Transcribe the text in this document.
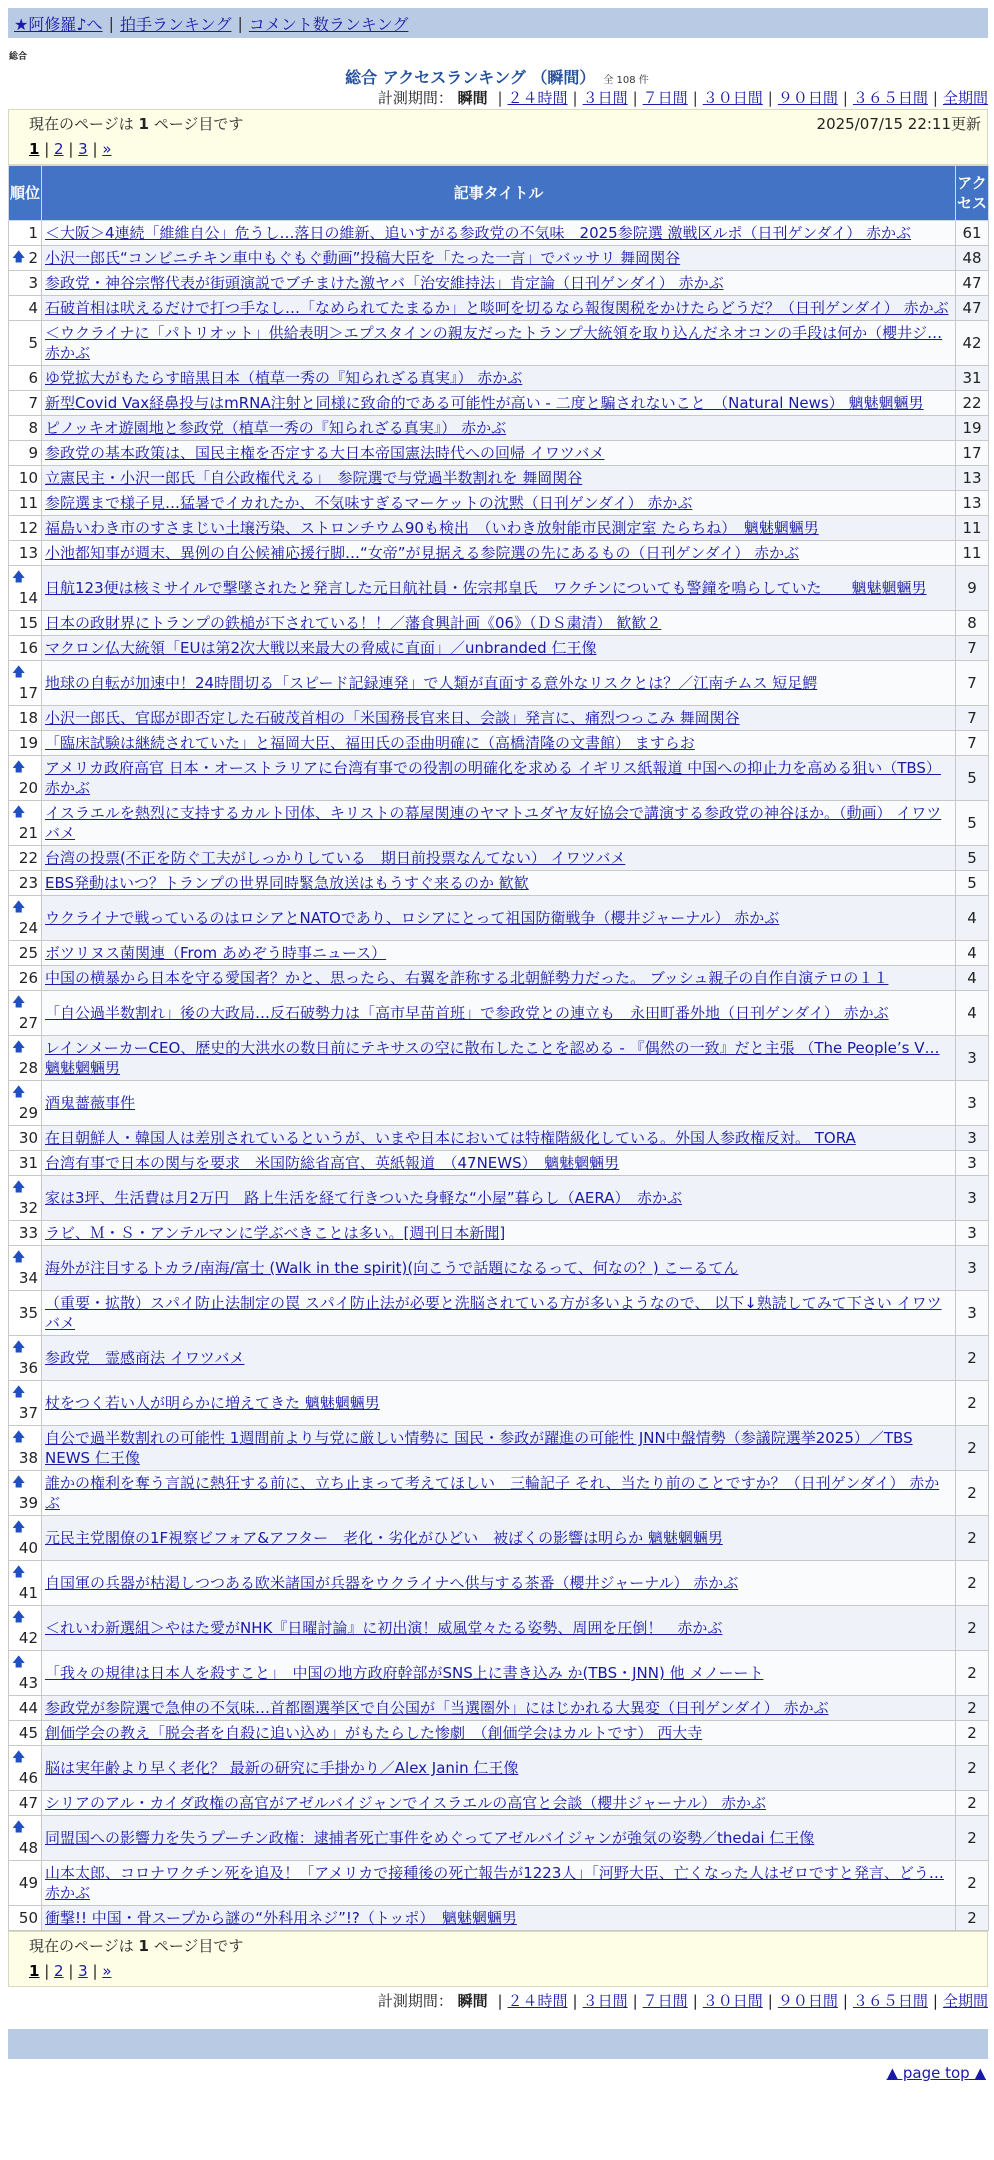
★阿修羅♪へ | 拍手ランキング | コメント数ランキング
総合
総合 アクセスランキング （瞬間） 全 108 件
計測期間： 瞬間 | ２４時間 | ３日間 | ７日間 | ３０日間 | ９０日間 | ３６５日間 | 全期間
現在のページは 1 ページ目です	2025/07/15 22:11更新
1 | 2 | 3 | »
順位	記事タイトル	アクセス
1	＜大阪＞4連続「維維自公」危うし…落日の維新、追いすがる参政党の不気味　2025参院選 激戦区ルポ（日刊ゲンダイ） 赤かぶ	61

🡅 2	小沢一郎氏“コンビニチキン車中もぐもぐ動画”投稿大臣を「たった一言」でバッサリ 舞岡関谷	48
3	参政党・神谷宗幣代表が街頭演説でブチまけた激ヤバ「治安維持法」肯定論（日刊ゲンダイ） 赤かぶ	47
4	石破首相は吠えるだけで打つ手なし…「なめられてたまるか」と啖呵を切るなら報復関税をかけたらどうだ？（日刊ゲンダイ） 赤かぶ	47
5	＜ウクライナに「パトリオット」供給表明＞エプスタインの親友だったトランプ大統領を取り込んだネオコンの手段は何か（櫻井ジ… 赤かぶ	42
6	ゆ党拡大がもたらす暗黒日本（植草一秀の『知られざる真実』） 赤かぶ	31
7	新型Covid Vax経鼻投与はmRNA注射と同様に致命的である可能性が高い - 二度と騙されないこと　（Natural News） 魑魅魍魎男	22
8	ピノッキオ遊園地と参政党（植草一秀の『知られざる真実』） 赤かぶ	19
9	参政党の基本政策は、国民主権を否定する大日本帝国憲法時代への回帰 イワツバメ	17
10	立憲民主・小沢一郎氏「自公政権代える」　参院選で与党過半数割れを 舞岡関谷	13
11	参院選まで様子見…猛暑でイカれたか、不気味すぎるマーケットの沈黙（日刊ゲンダイ） 赤かぶ	13
12	福島いわき市のすさまじい土壌汚染、ストロンチウム90も検出　（いわき放射能市民測定室 たらちね）　魑魅魍魎男	11
13	小池都知事が週末、異例の自公候補応援行脚…“女帝”が見据える参院選の先にあるもの（日刊ゲンダイ） 赤かぶ	11

🡅
14	日航123便は核ミサイルで撃墜されたと発言した元日航社員・佐宗邦皇氏　ワクチンについても警鐘を鳴らしていた　　魑魅魍魎男	9
15	日本の政財界にトランプの鉄槌が下されている！！／藩食興計画《06》（ＤＳ粛清） 歓歓２	8
16	マクロン仏大統領「EUは第2次大戦以来最大の脅威に直面」／unbranded 仁王像	7

🡅
17	地球の自転が加速中！24時間切る「スピード記録連発」で人類が直面する意外なリスクとは？／江南チムス 短足鰐	7
18	小沢一郎氏、官邸が即否定した石破茂首相の「米国務長官来日、会談」発言に、痛烈つっこみ 舞岡関谷	7
19	「臨床試験は継続されていた」と福岡大臣、福田氏の歪曲明確に（高橋清隆の文書館） ますらお	7

🡅
20	アメリカ政府高官 日本・オーストラリアに台湾有事での役割の明確化を求める イギリス紙報道 中国への抑止力を高める狙い（TBS） 赤かぶ	5

🡅
21	イスラエルを熱烈に支持するカルト団体、キリストの幕屋関連のヤマトユダヤ友好協会で講演する参政党の神谷ほか。（動画） イワツバメ	5
22	台湾の投票(不正を防ぐ工夫がしっかりしている　期日前投票なんてない） イワツバメ	5
23	EBS発動はいつ？トランプの世界同時緊急放送はもうすぐ来るのか 歓歓	5

🡅
24	ウクライナで戦っているのはロシアとNATOであり、ロシアにとって祖国防衛戦争（櫻井ジャーナル） 赤かぶ	4
25	ボツリヌス菌関連（From あめぞう時事ニュース）	4
26	中国の横暴から日本を守る愛国者？かと、思ったら、右翼を詐称する北朝鮮勢力だった。 ブッシュ親子の自作自演テロの１１	4

🡅
27	「自公過半数割れ」後の大政局…反石破勢力は「高市早苗首班」で参政党との連立も　永田町番外地（日刊ゲンダイ） 赤かぶ	4

🡅
28	レインメーカーCEO、歴史的大洪水の数日前にテキサスの空に散布したことを認める - 『偶然の一致』だと主張 （The People’s V… 魑魅魍魎男	3

🡅
29	酒鬼薔薇事件	3
30	在日朝鮮人・韓国人は差別されているというが、いまや日本においては特権階級化している。外国人参政権反対。 TORA	3
31	台湾有事で日本の関与を要求　米国防総省高官、英紙報道　（47NEWS）　魑魅魍魎男	3

🡅
32	家は3坪、生活費は月2万円　路上生活を経て行きついた身軽な“小屋”暮らし（AERA）　赤かぶ	3
33	ラビ、Ｍ・Ｓ・アンテルマンに学ぶべきことは多い。[週刊日本新聞]	3

🡅
34	海外が注目するトカラ/南海/富士 (Walk in the spirit)(向こうで話題になるって、何なの？) こーるてん	3
35	（重要・拡散）スパイ防止法制定の罠 スパイ防止法が必要と洗脳されている方が多いようなので、 以下↓熟読してみて下さい イワツバメ	3

🡅
36	参政党　霊感商法 イワツバメ	2

🡅
37	杖をつく若い人が明らかに増えてきた 魑魅魍魎男	2

🡅
38	自公で過半数割れの可能性 1週間前より与党に厳しい情勢に 国民・参政が躍進の可能性 JNN中盤情勢（参議院選挙2025）／TBS NEWS 仁王像	2

🡅
39	誰かの権利を奪う言説に熱狂する前に、立ち止まって考えてほしい　三輪記子 それ、当たり前のことですか？（日刊ゲンダイ） 赤かぶ	2

🡅
40	元民主党閣僚の1F視察ビフォア&アフター　老化・劣化がひどい　被ばくの影響は明らか 魑魅魍魎男	2

🡅
41	自国軍の兵器が枯渇しつつある欧米諸国が兵器をウクライナへ供与する茶番（櫻井ジャーナル） 赤かぶ	2

🡅
42	＜れいわ新選組＞やはた愛がNHK『日曜討論』に初出演！威風堂々たる姿勢、周囲を圧倒！　赤かぶ	2

🡅
43	「我々の規律は日本人を殺すこと」　中国の地方政府幹部がSNS上に書き込み か(TBS・JNN) 他 メノーート	2
44	参政党が参院選で急伸の不気味…首都圏選挙区で自公国が「当選圏外」にはじかれる大異変（日刊ゲンダイ） 赤かぶ	2
45	創価学会の教え「脱会者を自殺に追い込め」がもたらした惨劇　（創価学会はカルトです） 西大寺	2

🡅
46	脳は実年齢より早く老化？ 最新の研究に手掛かり／Alex Janin 仁王像	2
47	シリアのアル・カイダ政権の高官がアゼルバイジャンでイスラエルの高官と会談（櫻井ジャーナル） 赤かぶ	2

🡅
48	同盟国への影響力を失うプーチン政権：逮捕者死亡事件をめぐってアゼルバイジャンが強気の姿勢／thedai 仁王像	2
49	山本太郎、コロナワクチン死を追及！「アメリカで接種後の死亡報告が1223人」「河野大臣、亡くなった人はゼロですと発言、どう… 赤かぶ	2
50	衝撃!! 中国・骨スープから謎の“外科用ネジ”!?（トッポ）　魑魅魍魎男	2
現在のページは 1 ページ目です
1 | 2 | 3 | »
計測期間： 瞬間 | ２４時間 | ３日間 | ７日間 | ３０日間 | ９０日間 | ３６５日間 | 全期間
▲ page top ▲
